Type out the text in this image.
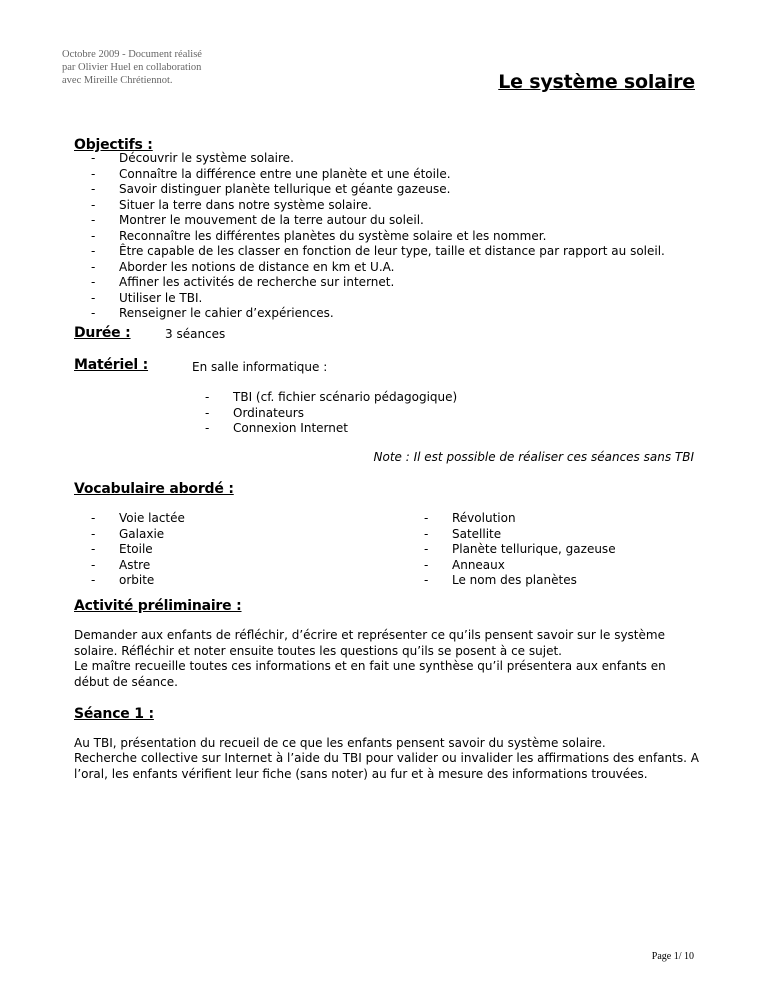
Octobre 2009 - Document réalisé
par Olivier Huel en collaboration
avec Mireille Chrétiennot.	Le système solaire
Objectifs :
- Découvrir le système solaire.
- Connaître la différence entre une planète et une étoile.
- Savoir distinguer planète tellurique et géante gazeuse.
- Situer la terre dans notre système solaire.
- Montrer le mouvement de la terre autour du soleil.
- Reconnaître les différentes planètes du système solaire et les nommer.
- Être capable de les classer en fonction de leur type, taille et distance par rapport au soleil.
- Aborder les notions de distance en km et U.A.
- Affiner les activités de recherche sur internet.
- Utiliser le TBI.
- Renseigner le cahier d’expériences.
Durée :	3 séances
Matériel :	En salle informatique :
- TBI (cf. fichier scénario pédagogique)
- Ordinateurs
- Connexion Internet
Note : Il est possible de réaliser ces séances sans TBI
Vocabulaire abordé :
- Voie lactée
- Galaxie
- Etoile
- Astre
- orbite
- Révolution
- Satellite
- Planète tellurique, gazeuse
- Anneaux
- Le nom des planètes
Activité préliminaire :

Demander aux enfants de réfléchir, d’écrire et représenter ce qu’ils pensent savoir sur le système solaire. Réfléchir et noter ensuite toutes les questions qu’ils se posent à ce sujet.

Le maître recueille toutes ces informations et en fait une synthèse qu’il présentera aux enfants en début de séance.

Séance 1 :

Au TBI, présentation du recueil de ce que les enfants pensent savoir du système solaire.

Recherche collective sur Internet à l’aide du TBI pour valider ou invalider les affirmations des enfants. A l’oral, les enfants vérifient leur fiche (sans noter) au fur et à mesure des informations trouvées.

Page 1/ 10
